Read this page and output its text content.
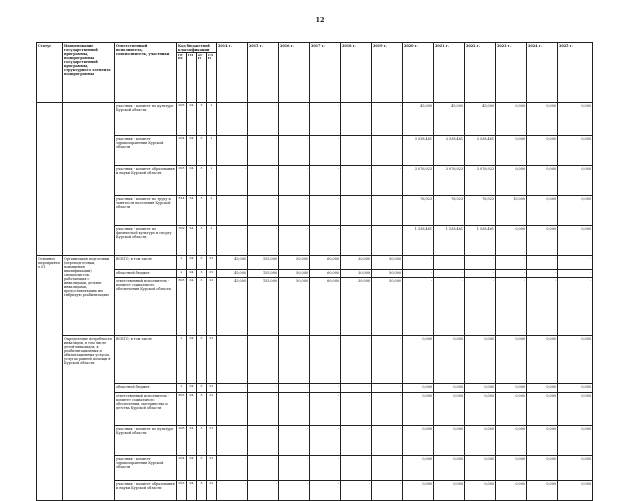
12
Статус	Наименование государственной программы, подпрограммы государственной программы, структурного элемента подпрограммы	Ответственный исполнитель, соисполнитель, участники	Код бюджетной классификации				2014 г.	2015 г.	2016 г.	2017 г.	2018 г.	2019 г.	2020 г.	2021 г.	2022 г.	2023 г.	2024 г.	2025 г.
			ГРБС	ГП	пГП	СЭП												
		участник - комитет по культуре Курской области	006	04	3	х	-	-	-	-	-	-	45,000	45,000	45,000	0,000	0,000	0,000
		участник - комитет здравоохранения Курской области	004	04	3	х	-	-	-	-	-	-	3 538,461	3 538,461	3 538,461	0,000	0,000	0,000
		участник - комитет образования и науки Курской области	003	04	3	х	-	-	-	-	-	-	3 076,923	3 076,923	3 076,923	0,000	0,000	0,000
		участник - комитет по труду и занятости населения Курской области	824	04	3	х	-	-	-	-	-	-	76,923	76,923	76,923	10,000	0,000	0,000
		участник - комитет по физической культуре и спорту Курской области	009	04	3	х	-	-	-	-	-	-	1 538,461	1 538,461	1 538,461	0,000	0,000	0,000
Основное мероприятие 01	Организация подготовки (переподготовки, повышения квалификации) специалистов, работающих с инвалидами, детьми-инвалидами, предоставляющих им гибридую реабилитацию	ВСЕГО, в том числе	х	04	3	01	45,000	155,000	50,000	60,000	30,000	50,000	-	-	-	-	-	-
		областной бюджет	х	04	3	01	45,000	155,000	50,000	60,000	30,000	50,000	-	-	-	-	-	-
		ответственный исполнитель - комитет социального обеспечения Курской области	803	04	3	01	45,000	155,000	50,000	60,000	30,000	50,000	-	-	-	-	-	-
	Определение потребности инвалидов, в том числе детей-инвалидов, в реабилитационных и абилитационных услугах, услугах ранней помощи в Курской области	ВСЕГО, в том числе	х	04	3	01	-	-	-	-	-	-	0,000	0,000	0,000	0,000	0,000	0,000
		областной бюджет	х	04	3	01	-	-	-	-	-	-	0,000	0,000	0,000	0,000	0,000	0,000
		ответственный исполнитель - комитет социального обеспечения, материнства и детства Курской области	803	04	3	01	-	-	-	-	-	-	0,000	0,000	0,000	0,000	0,000	0,000
		участник - комитет по культуре Курской области	006	04	3	01	-	-	-	-	-	-	0,000	0,000	0,000	0,000	0,000	0,000
		участник - комитет здравоохранения Курской области	004	04	3	01	-	-	-	-	-	-	0,000	0,000	0,000	0,000	0,000	0,000
		участник - комитет образования и науки Курской области	003	04	3	01	-	-	-	-	-	-	0,000	0,000	0,000	0,000	0,000	0,000
